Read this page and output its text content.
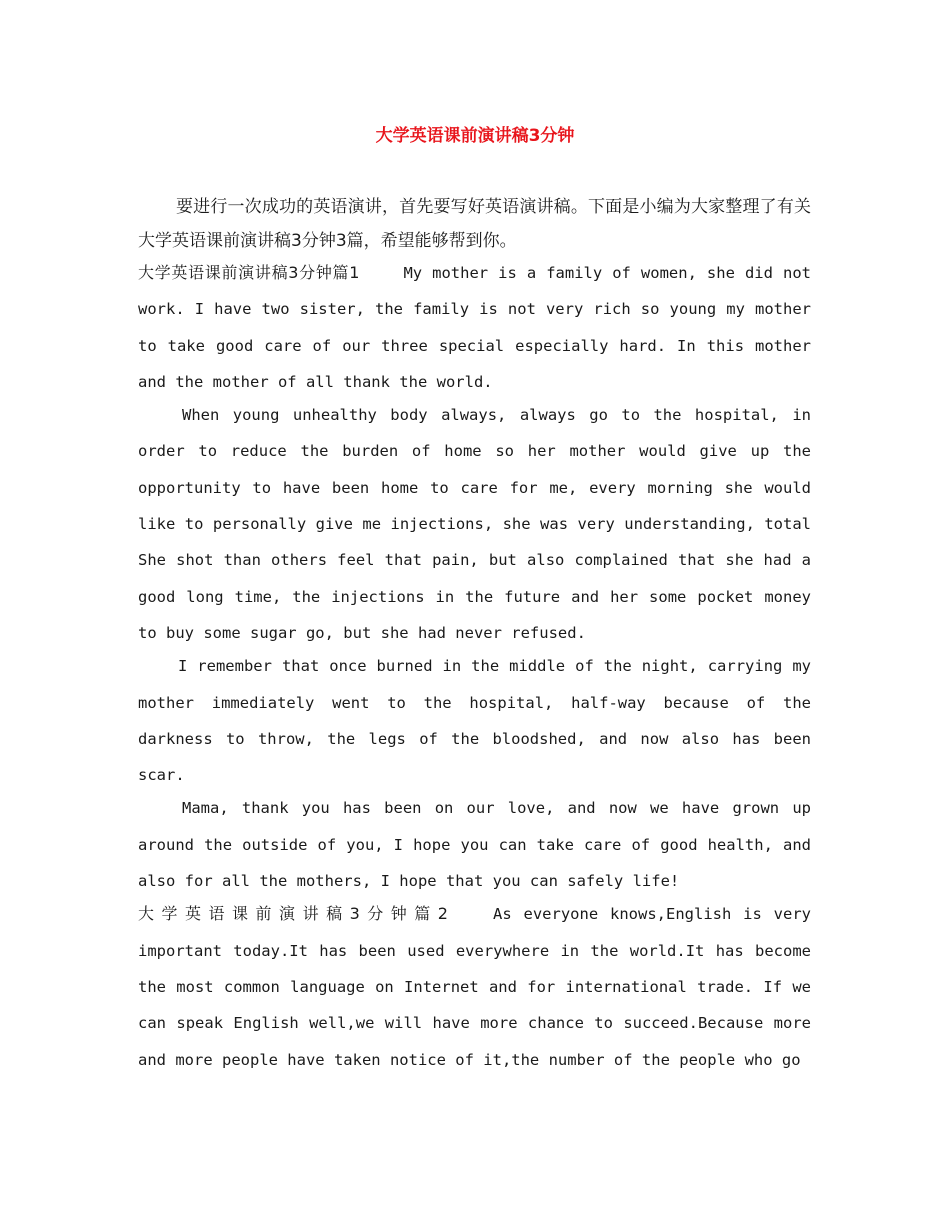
大学英语课前演讲稿3分钟

要进行一次成功的英语演讲，首先要写好英语演讲稿。下面是小编为大家整理了有关大学英语课前演讲稿3分钟3篇，希望能够帮到你。

大学英语课前演讲稿3分钟篇1	My mother is a family of women, she did not work. I have two sister, the family is not very rich so young my mother to take good care of our three special especially hard. In this mother and the mother of all thank the world.

When young unhealthy body always, always go to the hospital, in order to reduce the burden of home so her mother would give up the opportunity to have been home to care for me, every morning she would like to personally give me injections, she was very understanding, total She shot than others feel that pain, but also complained that she had a good long time, the injections in the future and her some pocket money to buy some sugar go, but she had never refused.

I remember that once burned in the middle of the night, carrying my mother immediately went to the hospital, half-way because of the darkness to throw, the legs of the bloodshed, and now also has been scar.

Mama, thank you has been on our love, and now we have grown up around the outside of you, I hope you can take care of good health, and also for all the mothers, I hope that you can safely life!

大学英语课前演讲稿3分钟篇2	As everyone knows,English is very important today.It has been used everywhere in the world.It has become the most common language on Internet and for international trade. If we can speak English well,we will have more chance to succeed.Because more and more people have taken notice of it,the number of the people who go
